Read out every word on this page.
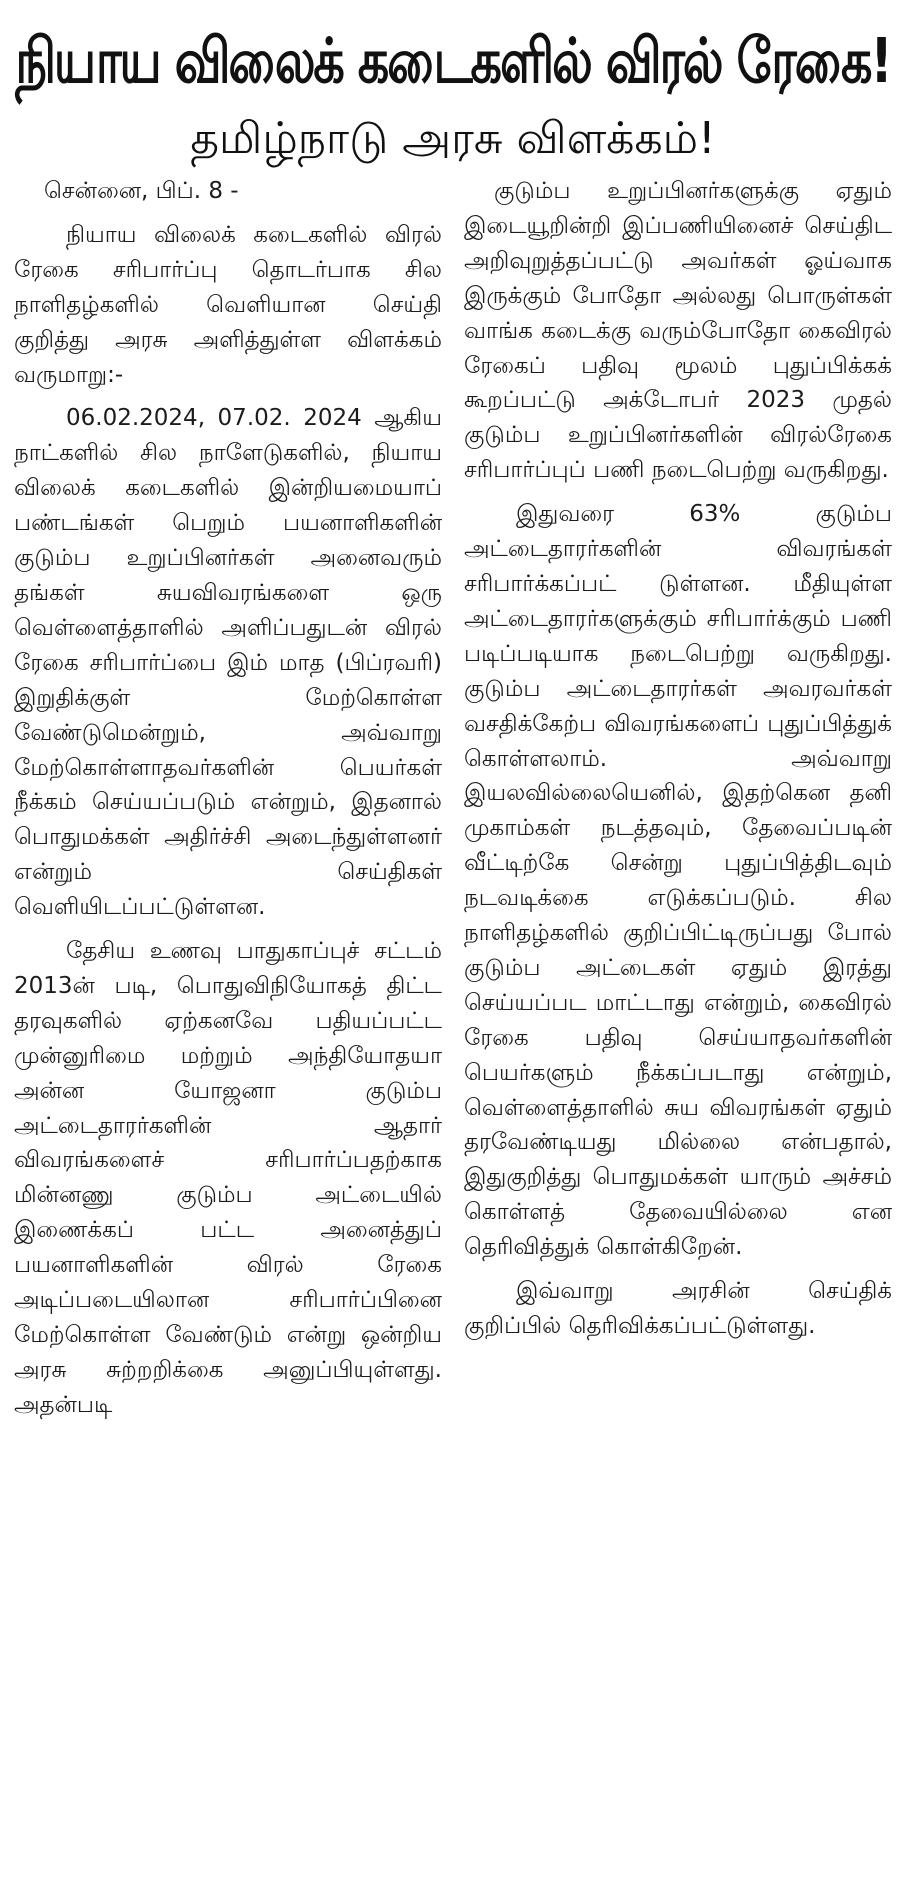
நியாய விலைக் கடைகளில் விரல் ரேகை!
தமிழ்நாடு அரசு விளக்கம்!

சென்னை, பிப். 8 -

நியாய விலைக் கடைகளில் விரல் ரேகை சரிபார்ப்பு தொடர்பாக சில நாளிதழ்களில் வெளியான செய்தி குறித்து அரசு அளித்துள்ள விளக்கம் வருமாறு:-

06.02.2024, 07.02. 2024 ஆகிய நாட்களில் சில நாளேடுகளில், நியாய விலைக் கடைகளில் இன்றியமையாப் பண்டங்கள் பெறும் பயனாளிகளின் குடும்ப உறுப்பினர்கள் அனைவரும் தங்கள் சுயவிவரங்களை ஒரு வெள்ளைத்தாளில் அளிப்பதுடன் விரல் ரேகை சரிபார்ப்பை இம் மாத (பிப்ரவரி) இறுதிக்குள் மேற்கொள்ள வேண்டுமென்றும், அவ்வாறு மேற்கொள்ளாதவர்களின் பெயர்கள் நீக்கம் செய்யப்படும் என்றும், இதனால் பொதுமக்கள் அதிர்ச்சி அடைந்துள்ளனர் என்றும் செய்திகள் வெளியிடப்பட்டுள்ளன.

தேசிய உணவு பாதுகாப்புச் சட்டம் 2013ன் படி, பொதுவிநியோகத் திட்ட தரவுகளில் ஏற்கனவே பதியப்பட்ட முன்னுரிமை மற்றும் அந்தியோதயா அன்ன யோஜனா குடும்ப அட்டைதாரர்களின் ஆதார் விவரங்களைச் சரிபார்ப்பதற்காக மின்னணு குடும்ப அட்டையில் இணைக்கப் பட்ட அனைத்துப் பயனாளிகளின் விரல் ரேகை அடிப்படையிலான சரிபார்ப்பினை மேற்கொள்ள வேண்டும் என்று ஒன்றிய அரசு சுற்றறிக்கை அனுப்பியுள்ளது. அதன்படி

குடும்ப உறுப்பினர்களுக்கு ஏதும் இடையூறின்றி இப்பணியினைச் செய்திட அறிவுறுத்தப்பட்டு அவர்கள் ஓய்வாக இருக்கும் போதோ அல்லது பொருள்கள் வாங்க கடைக்கு வரும்போதோ கைவிரல் ரேகைப் பதிவு மூலம் புதுப்பிக்கக் கூறப்பட்டு அக்டோபர் 2023 முதல் குடும்ப உறுப்பினர்களின் விரல்ரேகை சரிபார்ப்புப் பணி நடைபெற்று வருகிறது.

இதுவரை 63% குடும்ப அட்டைதாரர்களின் விவரங்கள் சரிபார்க்கப்பட் டுள்ளன. மீதியுள்ள அட்டைதாரர்களுக்கும் சரிபார்க்கும் பணி படிப்படியாக நடைபெற்று வருகிறது. குடும்ப அட்டைதாரர்கள் அவரவர்கள் வசதிக்கேற்ப விவரங்களைப் புதுப்பித்துக் கொள்ளலாம். அவ்வாறு இயலவில்லையெனில், இதற்கென தனி முகாம்கள் நடத்தவும், தேவைப்படின் வீட்டிற்கே சென்று புதுப்பித்திடவும் நடவடிக்கை எடுக்கப்படும். சில நாளிதழ்களில் குறிப்பிட்டிருப்பது போல் குடும்ப அட்டைகள் ஏதும் இரத்து செய்யப்பட மாட்டாது என்றும், கைவிரல் ரேகை பதிவு செய்யாதவர்களின் பெயர்களும் நீக்கப்படாது என்றும், வெள்ளைத்தாளில் சுய விவரங்கள் ஏதும் தரவேண்டியது மில்லை என்பதால், இதுகுறித்து பொதுமக்கள் யாரும் அச்சம் கொள்ளத் தேவையில்லை என தெரிவித்துக் கொள்கிறேன்.

இவ்வாறு அரசின் செய்திக் குறிப்பில் தெரிவிக்கப்பட்டுள்ளது.
